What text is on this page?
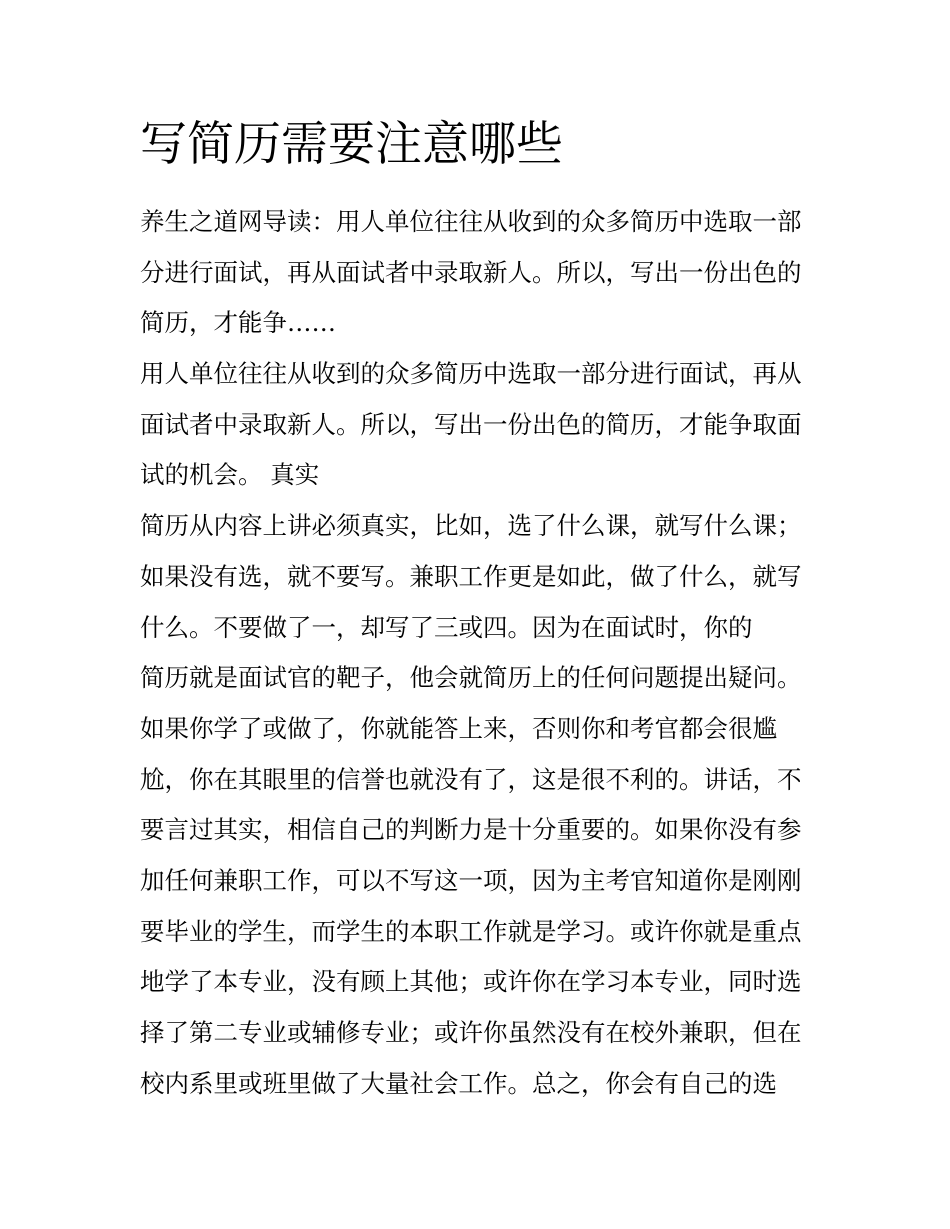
写简历需要注意哪些
养生之道网导读：用人单位往往从收到的众多简历中选取一部
分进行面试，再从面试者中录取新人。所以，写出一份出色的
简历，才能争……
用人单位往往从收到的众多简历中选取一部分进行面试，再从
面试者中录取新人。所以，写出一份出色的简历，才能争取面
试的机会。 真实
简历从内容上讲必须真实，比如，选了什么课，就写什么课；
如果没有选，就不要写。兼职工作更是如此，做了什么，就写
什么。不要做了一，却写了三或四。因为在面试时，你的
简历就是面试官的靶子，他会就简历上的任何问题提出疑问。
如果你学了或做了，你就能答上来，否则你和考官都会很尴
尬，你在其眼里的信誉也就没有了，这是很不利的。讲话，不
要言过其实，相信自己的判断力是十分重要的。如果你没有参
加任何兼职工作，可以不写这一项，因为主考官知道你是刚刚
要毕业的学生，而学生的本职工作就是学习。或许你就是重点
地学了本专业，没有顾上其他；或许你在学习本专业，同时选
择了第二专业或辅修专业；或许你虽然没有在校外兼职，但在
校内系里或班里做了大量社会工作。总之，你会有自己的选
